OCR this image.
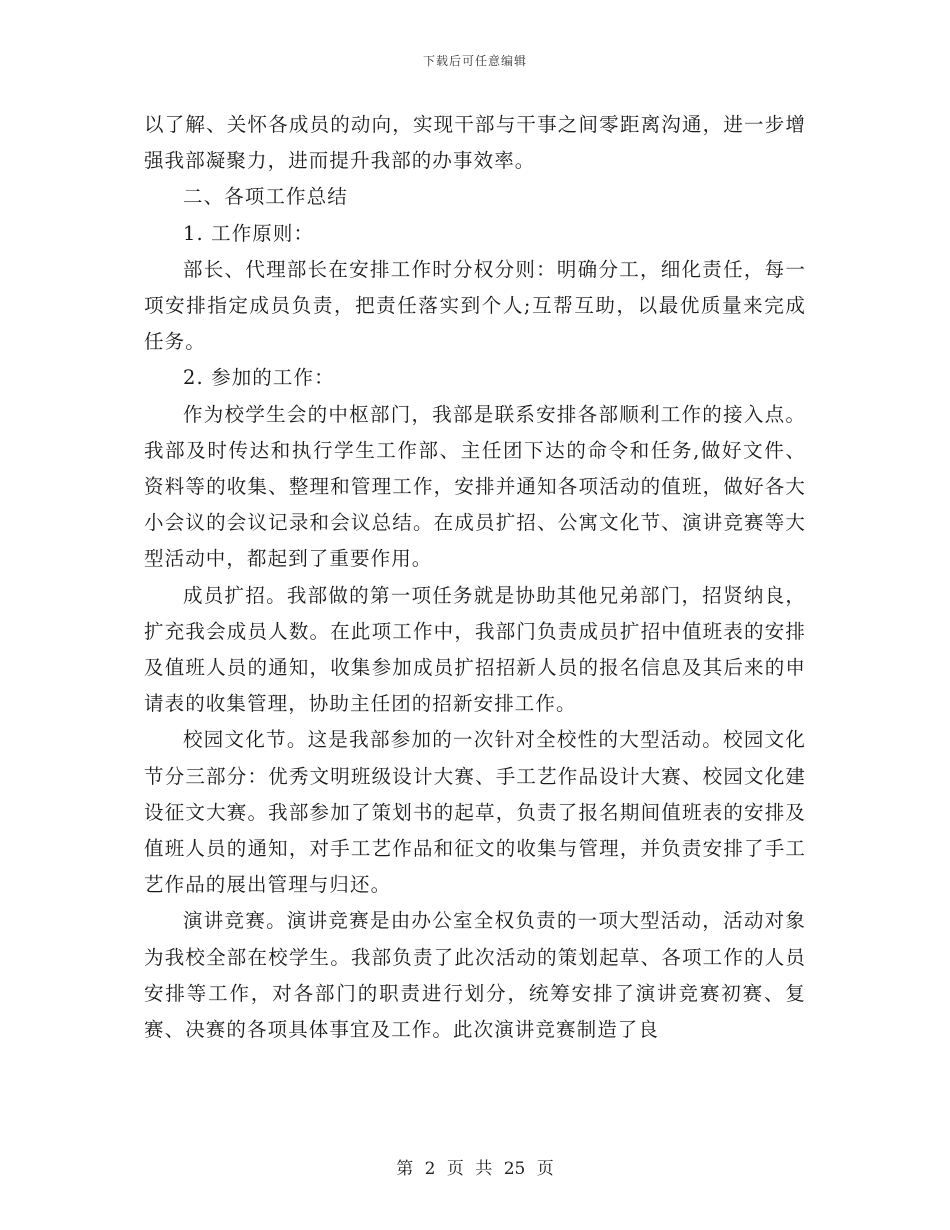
下载后可任意编辑

以了解、关怀各成员的动向，实现干部与干事之间零距离沟通，进一步增强我部凝聚力，进而提升我部的办事效率。

二、各项工作总结

1. 工作原则：

部长、代理部长在安排工作时分权分则：明确分工，细化责任，每一项安排指定成员负责，把责任落实到个人;互帮互助，以最优质量来完成任务。

2. 参加的工作：

作为校学生会的中枢部门，我部是联系安排各部顺利工作的接入点。我部及时传达和执行学生工作部、主任团下达的命令和任务,做好文件、资料等的收集、整理和管理工作，安排并通知各项活动的值班，做好各大小会议的会议记录和会议总结。在成员扩招、公寓文化节、演讲竞赛等大型活动中，都起到了重要作用。

成员扩招。我部做的第一项任务就是协助其他兄弟部门，招贤纳良，扩充我会成员人数。在此项工作中，我部门负责成员扩招中值班表的安排及值班人员的通知，收集参加成员扩招招新人员的报名信息及其后来的申请表的收集管理，协助主任团的招新安排工作。

校园文化节。这是我部参加的一次针对全校性的大型活动。校园文化节分三部分：优秀文明班级设计大赛、手工艺作品设计大赛、校园文化建设征文大赛。我部参加了策划书的起草，负责了报名期间值班表的安排及值班人员的通知，对手工艺作品和征文的收集与管理，并负责安排了手工艺作品的展出管理与归还。

演讲竞赛。演讲竞赛是由办公室全权负责的一项大型活动，活动对象为我校全部在校学生。我部负责了此次活动的策划起草、各项工作的人员安排等工作，对各部门的职责进行划分，统筹安排了演讲竞赛初赛、复赛、决赛的各项具体事宜及工作。此次演讲竞赛制造了良

第 2 页 共 25 页
